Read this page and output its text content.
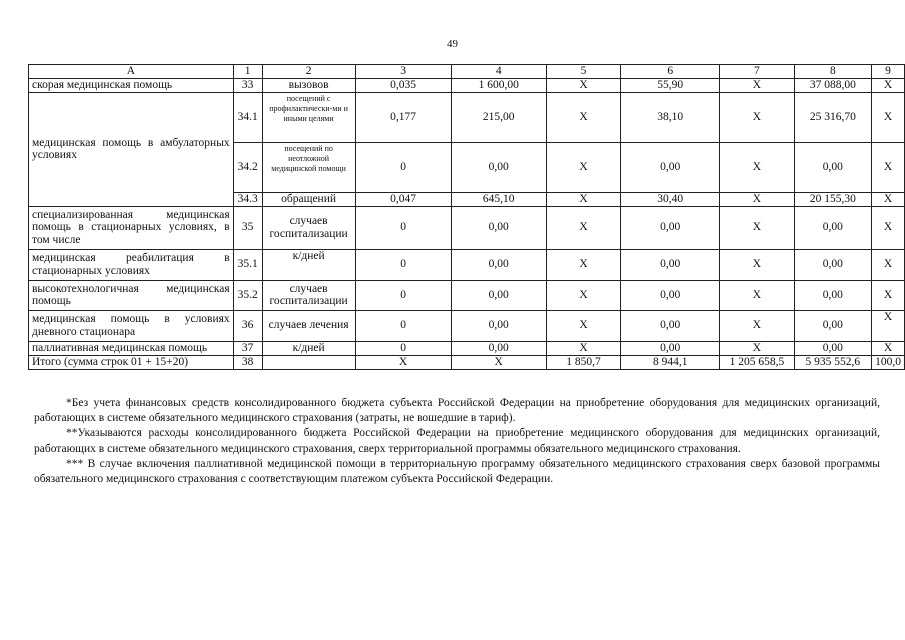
49
А	1	2	3	4	5	6	7	8	9
скорая медицинская помощь	33	вызовов	0,035	1 600,00	X	55,90	X	37 088,00	X
медицинская помощь в амбулаторных условиях	34.1	посещений с профилактически-ми и иными целями	0,177	215,00	X	38,10	X	25 316,70	X
	34.2	посещений по неотложной медицинской помощи	0	0,00	X	0,00	X	0,00	X
	34.3	обращений	0,047	645,10	X	30,40	X	20 155,30	X
специализированная медицинская помощь в стационарных условиях, в том числе	35	случаев госпитализации	0	0,00	X	0,00	X	0,00	X
медицинская реабилитация в стационарных условиях	35.1	к/дней	0	0,00	X	0,00	X	0,00	X
высокотехнологичная медицинская помощь	35.2	случаев госпитализации	0	0,00	X	0,00	X	0,00	X
медицинская помощь в условиях дневного стационара	36	случаев лечения	0	0,00	X	0,00	X	0,00	X
паллиативная медицинская помощь	37	к/дней	0	0,00	X	0,00	X	0,00	X
Итого (сумма строк 01 + 15+20)	38		X	X	1 850,7	8 944,1	1 205 658,5	5 935 552,6	100,0

*Без учета финансовых средств консолидированного бюджета субъекта Российской Федерации на приобретение оборудования для медицинских организаций, работающих в системе обязательного медицинского страхования (затраты, не вошедшие в тариф).

**Указываются расходы консолидированного бюджета Российской Федерации на приобретение медицинского оборудования для медицинских организаций, работающих в системе обязательного медицинского страхования, сверх территориальной программы обязательного медицинского страхования.

*** В случае включения паллиативной медицинской помощи в территориальную программу обязательного медицинского страхования сверх базовой программы обязательного медицинского страхования с соответствующим платежом субъекта Российской Федерации.
